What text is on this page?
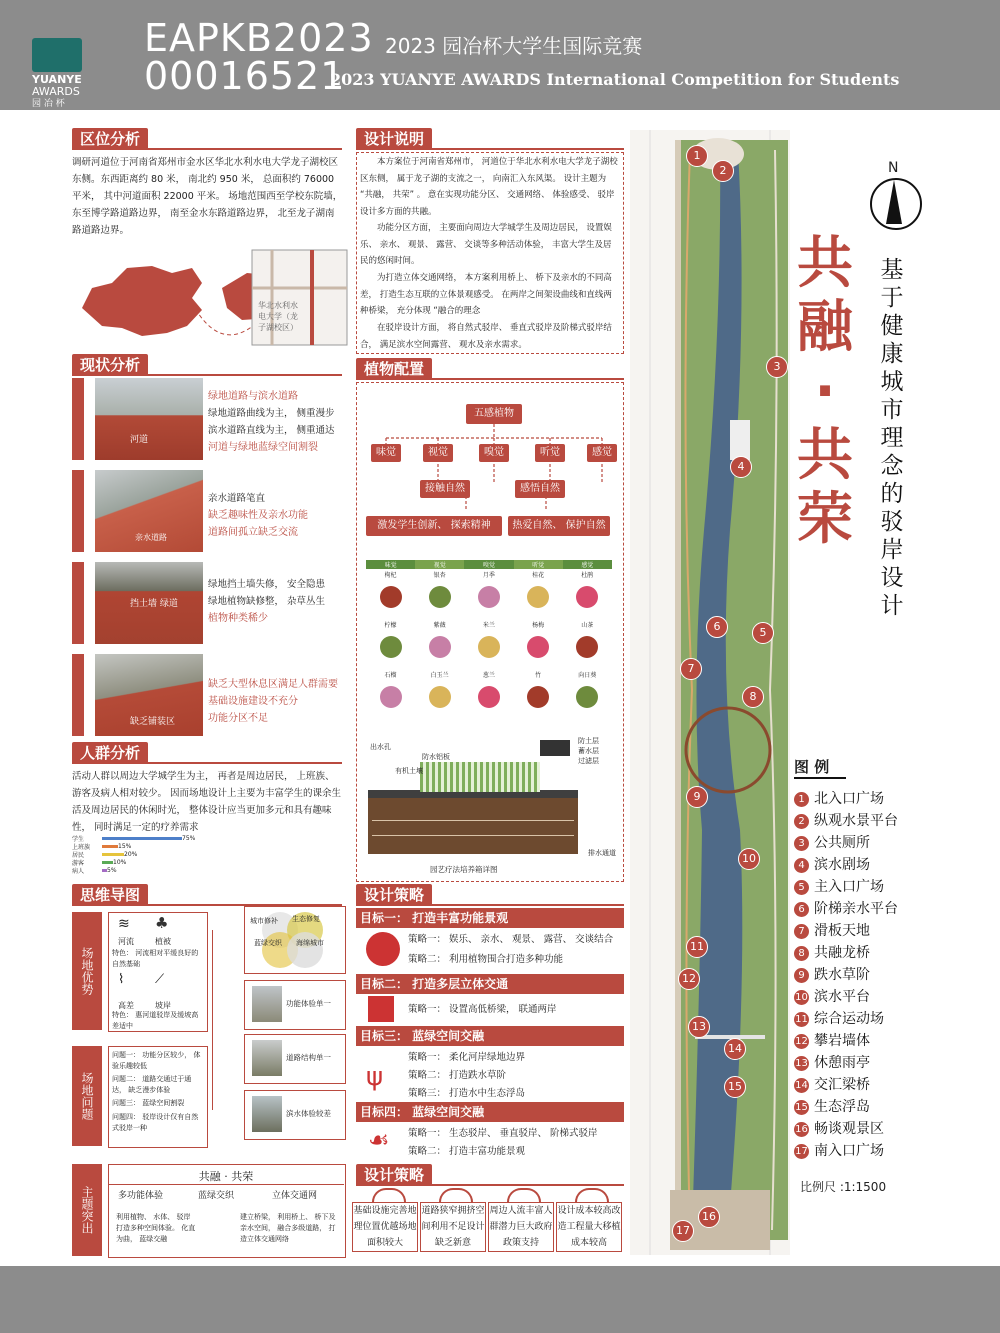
YUANYE
AWARDS
园 冶 杯
EAPKB2023
00016521
2023 园冶杯大学生国际竞赛
2023 YUANYE AWARDS International Competition for Students
区位分析
调研河道位于河南省郑州市金水区华北水利水电大学龙子湖校区东侧。东西距离约 80 米， 南北约 950 米， 总面积约 76000 平米， 其中河道面积 22000 平米。 场地范围西至学校东院墙， 东至博学路道路边界， 南至金水东路道路边界， 北至龙子湖南路道路边界。
华北水利水电大学（龙子湖校区）
现状分析
河道
绿地道路与滨水道路
绿地道路曲线为主， 侧重漫步
滨水道路直线为主， 侧重通达
河道与绿地蓝绿空间割裂
亲水道路
亲水道路笔直
缺乏趣味性及亲水功能
道路间孤立缺乏交流
挡土墙 绿道
绿地挡土墙失修， 安全隐患
绿地植物缺修整， 杂草丛生
植物种类稀少
缺乏铺装区
缺乏大型休息区满足人群需要
基础设施建设不充分
功能分区不足
人群分析
活动人群以周边大学城学生为主， 再者是周边居民， 上班族、 游客及病人相对较少。 因而场地设计上主要为丰富学生的课余生活及周边居民的休闲时光， 整体设计应当更加多元和具有趣味性， 同时满足一定的疗养需求
学生	75%
上班族	15%
居民	20%
游客	10%
病人	5%
思维导图
场地优势
≋ ♣
河流	植被
特色： 河流相对平缓良好的自然基础
⌇ ⟋
高差	坡岸
特色： 惠河道驳岸及缓坡高差适中
场地问题
问题一： 功能分区较少， 体验乐趣较低
问题二： 道路交通过于通达， 缺乏漫步体验
问题三： 蓝绿空间割裂
问题四： 驳岸设计仅有自然式驳岸一种
城市修补 生态修复
蓝绿交织 海绵城市
功能体验单一
道路结构单一
滨水体验较差
主题突出
共融 · 共荣
多功能体验	蓝绿交织	立体交通网
利用植物、 水体、 驳岸打造多种空间体验。 化直为曲， 蓝绿交融
建立桥梁， 利用桥上、 桥下及亲水空间， 融合多级道路， 打造立体交通网络
设计说明
本方案位于河南省郑州市， 河道位于华北水利水电大学龙子湖校区东侧， 属于龙子湖的支流之一， 向南汇入东风渠。 设计主题为 “共融， 共荣” 。 意在实现功能分区、 交通网络、 体验感受、 驳岸设计多方面的共融。
功能分区方面， 主要面向周边大学城学生及周边居民， 设置娱乐、 亲水、 观景、 露营、 交谈等多种活动体验， 丰富大学生及居民的悠闲时间。
为打造立体交通网络， 本方案利用桥上、 桥下及亲水的不同高差， 打造生态互联的立体景观感受。 在两岸之间架设曲线和直线两种桥梁， 充分体现 “融合的理念
在驳岸设计方面， 将自然式驳岸、 垂直式驳岸及阶梯式驳岸结合， 满足滨水空间露营、 观水及亲水需求。
植物配置
五感植物
味觉	视觉	嗅觉	听觉	感觉
接触自然	感悟自然
激发学生创新、 探索精神	热爱自然、 保护自然
味觉	视觉	嗅觉	听觉	感觉
枸杞	银杏	月季	桂花	杜鹃
柠檬	紫薇	米兰	杨梅	山茶
石榴	白玉兰	葱兰	竹	向日葵
出水孔
防水铝板
有机土壤
防土层
蓄水层
过滤层
园艺疗法培养箱详图
排水通道
设计策略
目标一： 打造丰富功能景观
策略一： 娱乐、 亲水、 观景、 露营、 交谈结合
策略二： 利用植物围合打造多种功能
目标二： 打造多层立体交通
策略一： 设置高低桥梁， 联通两岸
目标三： 蓝绿空间交融
ψ
策略一： 柔化河岸绿地边界
策略二： 打造跌水草阶
策略三： 打造水中生态浮岛
目标四： 蓝绿空间交融
☙ 策略一： 生态驳岸、 垂直驳岸、 阶梯式驳岸
策略二： 打造丰富功能景观
设计策略
基础设施完善地理位置优越场地面积较大
道路狭窄拥挤空间利用不足设计缺乏新意
周边人流丰富人群潜力巨大政府政策支持
设计成本较高改造工程量大移植成本较高
1
2
3
4
5
6
7
8
9
10
11
12
13
14
15
16
17
N
共
融
·
共
荣
基
于
健
康
城
市
理
念
的
驳
岸
设
计
图 例
1 北入口广场
2 纵观水景平台
3 公共厕所
4 滨水剧场
5 主入口广场
6 阶梯亲水平台
7 滑板天地
8 共融龙桥
9 跌水草阶
10 滨水平台
11 综合运动场
12 攀岩墙体
13 休憩雨亭
14 交汇梁桥
15 生态浮岛
16 畅谈观景区
17 南入口广场
比例尺 :1:1500
